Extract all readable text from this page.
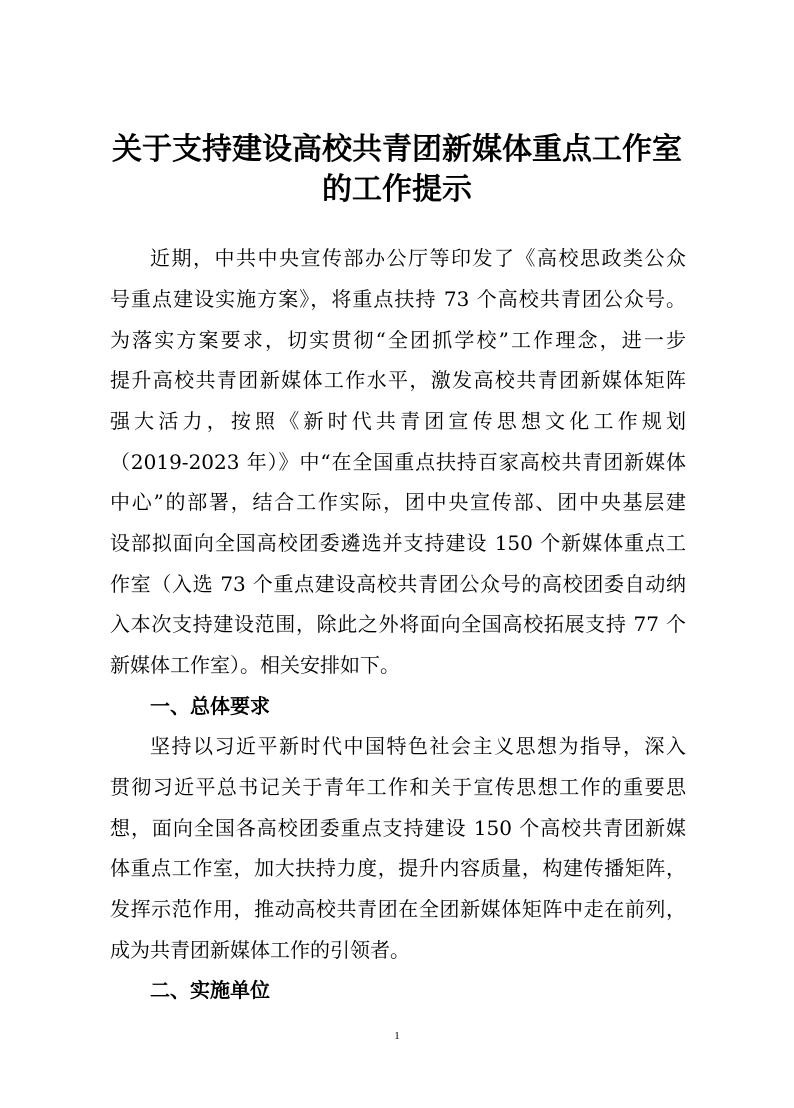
关于支持建设高校共青团新媒体重点工作室
的工作提示
近期，中共中央宣传部办公厅等印发了《高校思政类公众
号重点建设实施方案》，将重点扶持 73 个高校共青团公众号。
为落实方案要求，切实贯彻“全团抓学校”工作理念，进一步
提升高校共青团新媒体工作水平，激发高校共青团新媒体矩阵
强大活力，按照《新时代共青团宣传思想文化工作规划
（2019-2023 年）》中“在全国重点扶持百家高校共青团新媒体
中心”的部署，结合工作实际，团中央宣传部、团中央基层建
设部拟面向全国高校团委遴选并支持建设 150 个新媒体重点工
作室（入选 73 个重点建设高校共青团公众号的高校团委自动纳
入本次支持建设范围，除此之外将面向全国高校拓展支持 77 个
新媒体工作室）。相关安排如下。
一、总体要求
坚持以习近平新时代中国特色社会主义思想为指导，深入
贯彻习近平总书记关于青年工作和关于宣传思想工作的重要思
想，面向全国各高校团委重点支持建设 150 个高校共青团新媒
体重点工作室，加大扶持力度，提升内容质量，构建传播矩阵，
发挥示范作用，推动高校共青团在全团新媒体矩阵中走在前列，
成为共青团新媒体工作的引领者。
二、实施单位
1
